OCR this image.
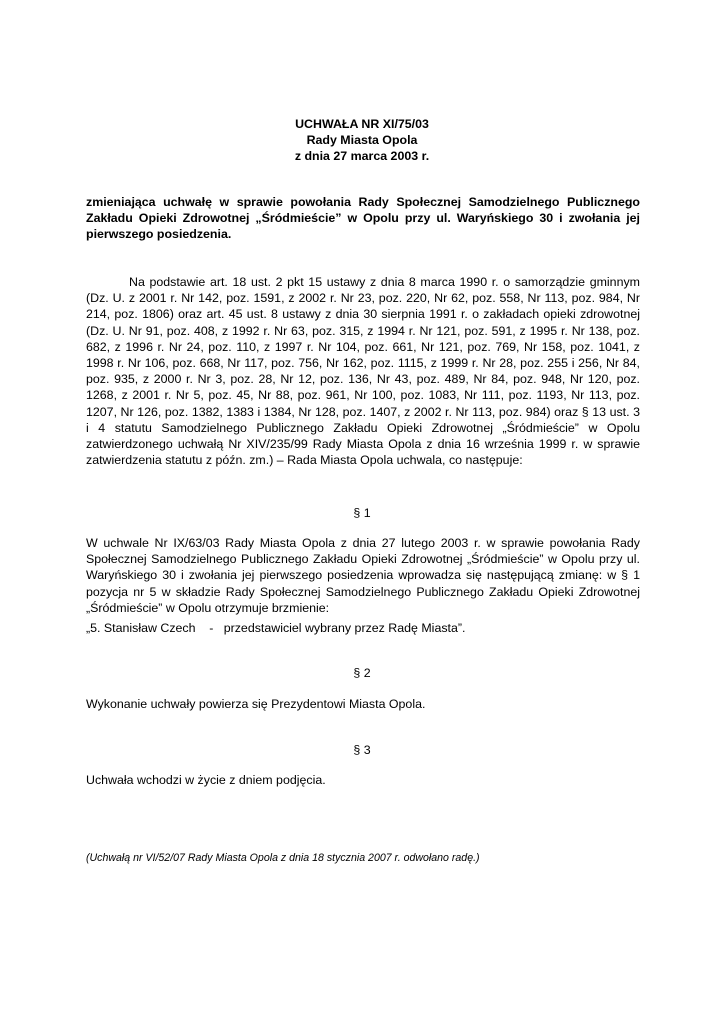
UCHWAŁA NR XI/75/03
Rady Miasta Opola
z dnia 27 marca 2003 r.
zmieniająca uchwałę w sprawie powołania Rady Społecznej Samodzielnego Publicznego Zakładu Opieki Zdrowotnej „Śródmieście” w Opolu przy ul. Waryńskiego 30 i zwołania jej pierwszego posiedzenia.
Na podstawie art. 18 ust. 2 pkt 15 ustawy z dnia 8 marca 1990 r. o samorządzie gminnym (Dz. U. z 2001 r. Nr 142, poz. 1591, z 2002 r. Nr 23, poz. 220, Nr 62, poz. 558, Nr 113, poz. 984, Nr 214, poz. 1806) oraz art. 45 ust. 8 ustawy z dnia 30 sierpnia 1991 r. o zakładach opieki zdrowotnej (Dz. U. Nr 91, poz. 408, z 1992 r. Nr 63, poz. 315, z 1994 r. Nr 121, poz. 591, z 1995 r. Nr 138, poz. 682, z 1996 r. Nr 24, poz. 110, z 1997 r. Nr 104, poz. 661, Nr 121, poz. 769, Nr 158, poz. 1041, z 1998 r. Nr 106, poz. 668, Nr 117, poz. 756, Nr 162, poz. 1115, z 1999 r. Nr 28, poz. 255 i 256, Nr 84, poz. 935, z 2000 r. Nr 3, poz. 28, Nr 12, poz. 136, Nr 43, poz. 489, Nr 84, poz. 948, Nr 120, poz. 1268, z 2001 r. Nr 5, poz. 45, Nr 88, poz. 961, Nr 100, poz. 1083, Nr 111, poz. 1193, Nr 113, poz. 1207, Nr 126, poz. 1382, 1383 i 1384, Nr 128, poz. 1407, z 2002 r. Nr 113, poz. 984) oraz § 13 ust. 3 i 4 statutu Samodzielnego Publicznego Zakładu Opieki Zdrowotnej „Śródmieście” w Opolu zatwierdzonego uchwałą Nr XIV/235/99 Rady Miasta Opola z dnia 16 września 1999 r. w sprawie zatwierdzenia statutu z późn. zm.) – Rada Miasta Opola uchwala, co następuje:
§ 1
W uchwale Nr IX/63/03 Rady Miasta Opola z dnia 27 lutego 2003 r. w sprawie powołania Rady Społecznej Samodzielnego Publicznego Zakładu Opieki Zdrowotnej „Śródmieście” w Opolu przy ul. Waryńskiego 30 i zwołania jej pierwszego posiedzenia wprowadza się następującą zmianę: w § 1 pozycja nr 5 w składzie Rady Społecznej Samodzielnego Publicznego Zakładu Opieki Zdrowotnej „Śródmieście” w Opolu otrzymuje brzmienie:
„5. Stanisław Czech    -   przedstawiciel wybrany przez Radę Miasta”.
§ 2
Wykonanie uchwały powierza się Prezydentowi Miasta Opola.
§ 3
Uchwała wchodzi w życie z dniem podjęcia.
(Uchwałą nr VI/52/07 Rady Miasta Opola z dnia 18 stycznia 2007 r. odwołano radę.)
